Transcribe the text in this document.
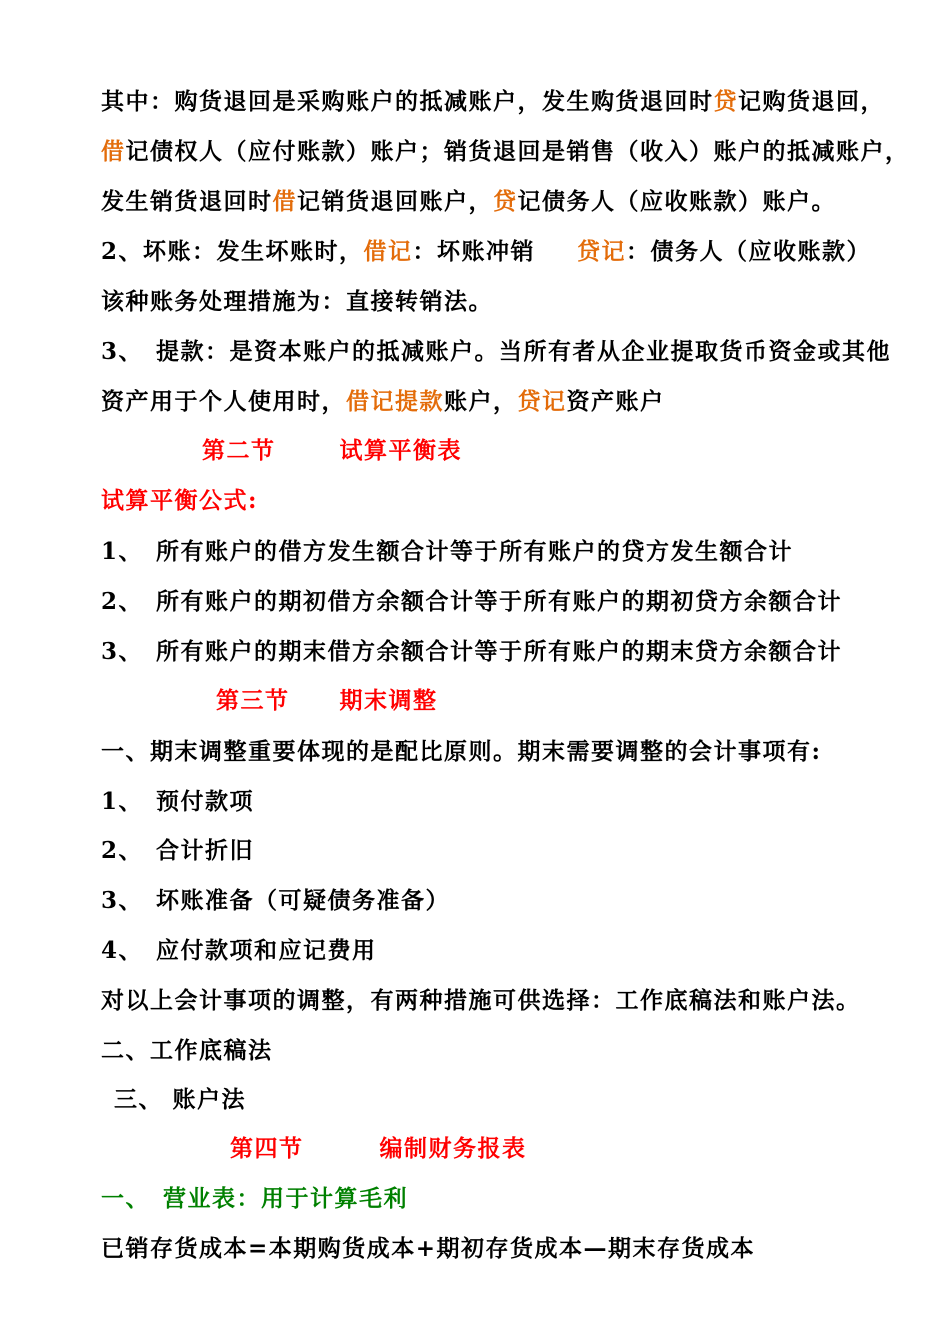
其中：购货退回是采购账户的抵减账户，发生购货退回时贷记购货退回，
借记债权人（应付账款）账户；销货退回是销售（收入）账户的抵减账户，
发生销货退回时借记销货退回账户，贷记债务人（应收账款）账户。
2、坏账：发生坏账时，借记：坏账冲销 贷记：债务人（应收账款）
该种账务处理措施为：直接转销法。
3、　提款：是资本账户的抵减账户。当所有者从企业提取货币资金或其他
资产用于个人使用时，借记提款账户，贷记资产账户
第二节	试算平衡表
试算平衡公式:
1、　所有账户的借方发生额合计等于所有账户的贷方发生额合计
2、　所有账户的期初借方余额合计等于所有账户的期初贷方余额合计
3、　所有账户的期末借方余额合计等于所有账户的期末贷方余额合计
第三节 期末调整
一、期末调整重要体现的是配比原则。期末需要调整的会计事项有:
1、　预付款项
2、　合计折旧
3、　坏账准备（可疑债务准备）
4、　应付款项和应记费用
对以上会计事项的调整，有两种措施可供选择：工作底稿法和账户法。
二、工作底稿法
三、 账户法
第四节	编制财务报表
一、　营业表：用于计算毛利
已销存货成本=本期购货成本+期初存货成本—期末存货成本
